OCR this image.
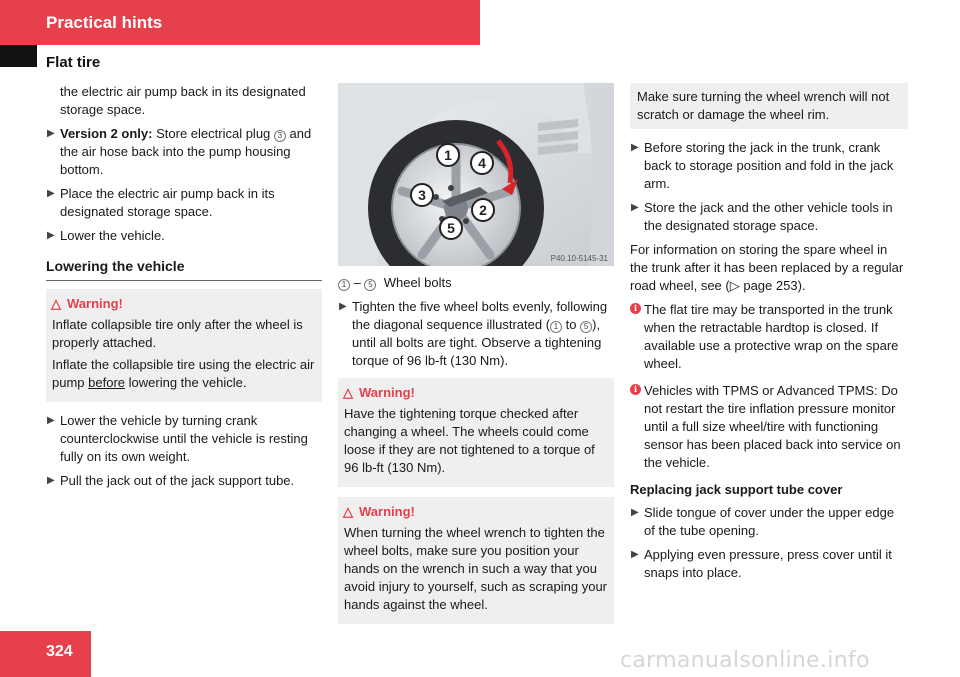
Practical hints
Flat tire

the electric air pump back in its designated storage space.

▶ Version 2 only: Store electrical plug 3 and the air hose back into the pump housing bottom.
▶ Place the electric air pump back in its designated storage space.
▶ Lower the vehicle.
Lowering the vehicle
△ Warning!

Inflate collapsible tire only after the wheel is properly attached.

Inflate the collapsible tire using the electric air pump before lowering the vehicle.

▶ Lower the vehicle by turning crank counterclockwise until the vehicle is resting fully on its own weight.
▶ Pull the jack out of the jack support tube.
1
2
3
4
5
P40.10-5145-31

1 – 5 Wheel bolts

▶ Tighten the five wheel bolts evenly, following the diagonal sequence illustrated ( 1 to 5 ), until all bolts are tight. Observe a tightening torque of 96 lb-ft (130 Nm).
△ Warning!

Have the tightening torque checked after changing a wheel. The wheels could come loose if they are not tightened to a torque of 96 lb-ft (130 Nm).

△ Warning!

When turning the wheel wrench to tighten the wheel bolts, make sure you position your hands on the wrench in such a way that you avoid injury to yourself, such as scraping your hands against the wheel.

Make sure turning the wheel wrench will not scratch or damage the wheel rim.
▶ Before storing the jack in the trunk, crank back to storage position and fold in the jack arm.
▶ Store the jack and the other vehicle tools in the designated storage space.

For information on storing the spare wheel in the trunk after it has been replaced by a regular road wheel, see (▷ page 253).

i The flat tire may be transported in the trunk when the retractable hardtop is closed. If available use a protective wrap on the spare wheel.
i Vehicles with TPMS or Advanced TPMS: Do not restart the tire inflation pressure monitor until a full size wheel/tire with functioning sensor has been placed back into service on the vehicle.
Replacing jack support tube cover
▶ Slide tongue of cover under the upper edge of the tube opening.
▶ Applying even pressure, press cover until it snaps into place.
324	carmanualsonline.info
